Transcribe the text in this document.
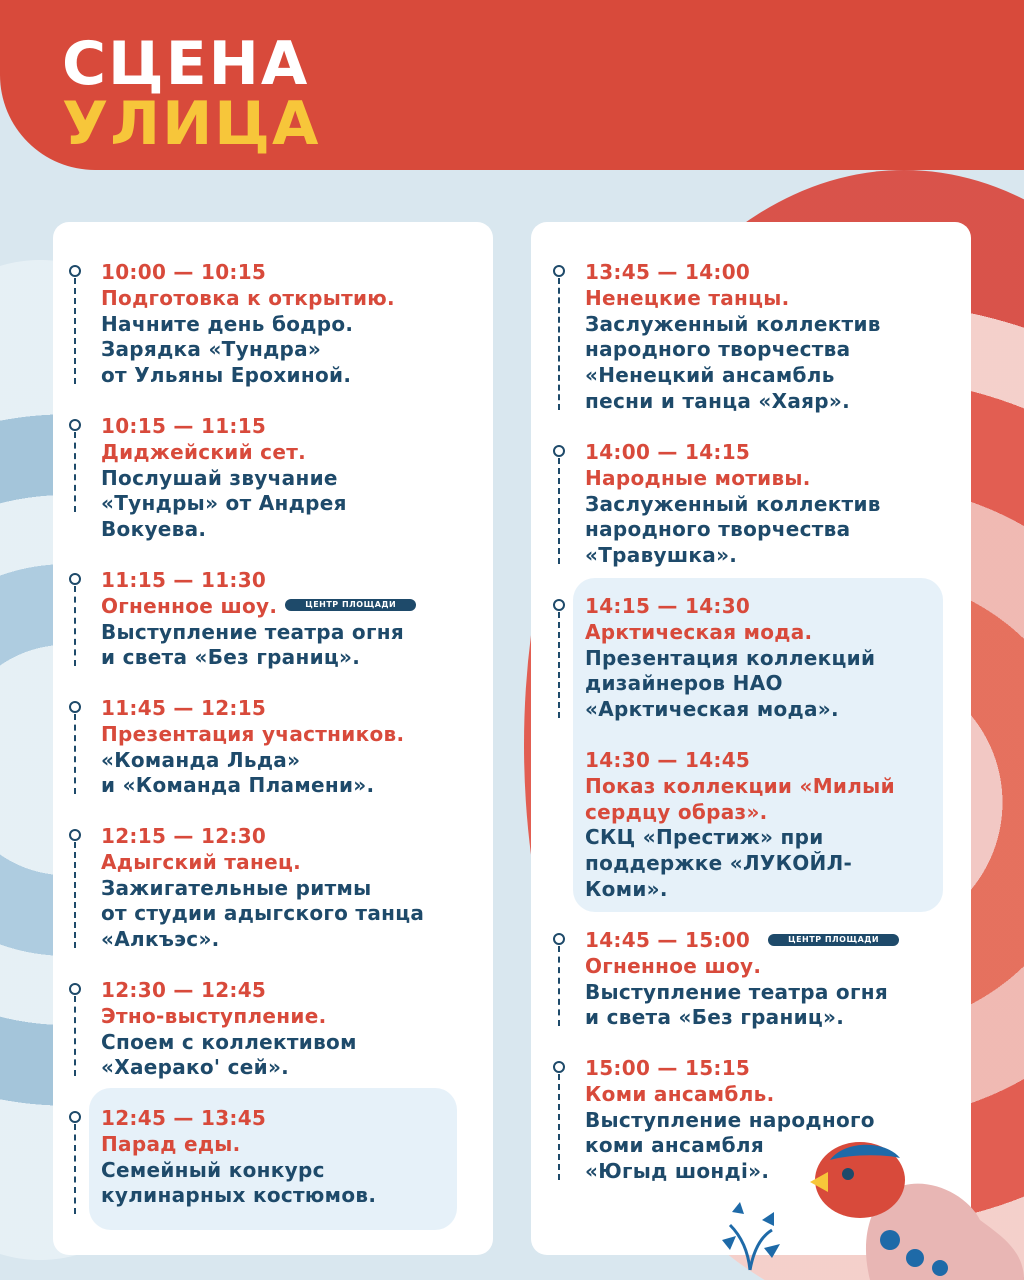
СЦЕНА
УЛИЦА
10:00 — 10:15
Подготовка к открытию.
Начните день бодро.
Зарядка «Тундра»
от Ульяны Ерохиной.
10:15 — 11:15
Диджейский сет.
Послушай звучание
«Тундры» от Андрея
Вокуева.
11:15 — 11:30
Огненное шоу.	ЦЕНТР ПЛОЩАДИ
Выступление театра огня
и света «Без границ».
11:45 — 12:15
Презентация участников.
«Команда Льда»
и «Команда Пламени».
12:15 — 12:30
Адыгский танец.
Зажигательные ритмы
от студии адыгского танца
«Алкъэс».
12:30 — 12:45
Этно-выступление.
Споем с коллективом
«Хаерако' сей».
12:45 — 13:45
Парад еды.
Семейный конкурс
кулинарных костюмов.
13:45 — 14:00
Ненецкие танцы.
Заслуженный коллектив
народного творчества
«Ненецкий ансамбль
песни и танца «Хаяр».
14:00 — 14:15
Народные мотивы.
Заслуженный коллектив
народного творчества
«Травушка».
14:15 — 14:30
Арктическая мода.
Презентация коллекций
дизайнеров НАО
«Арктическая мода».
14:30 — 14:45
Показ коллекции «Милый
сердцу образ».
СКЦ «Престиж» при
поддержке «ЛУКОЙЛ-
Коми».
14:45 — 15:00	ЦЕНТР ПЛОЩАДИ
Огненное шоу.
Выступление театра огня
и света «Без границ».
15:00 — 15:15
Коми ансамбль.
Выступление народного
коми ансамбля
«Югыд шонді».
